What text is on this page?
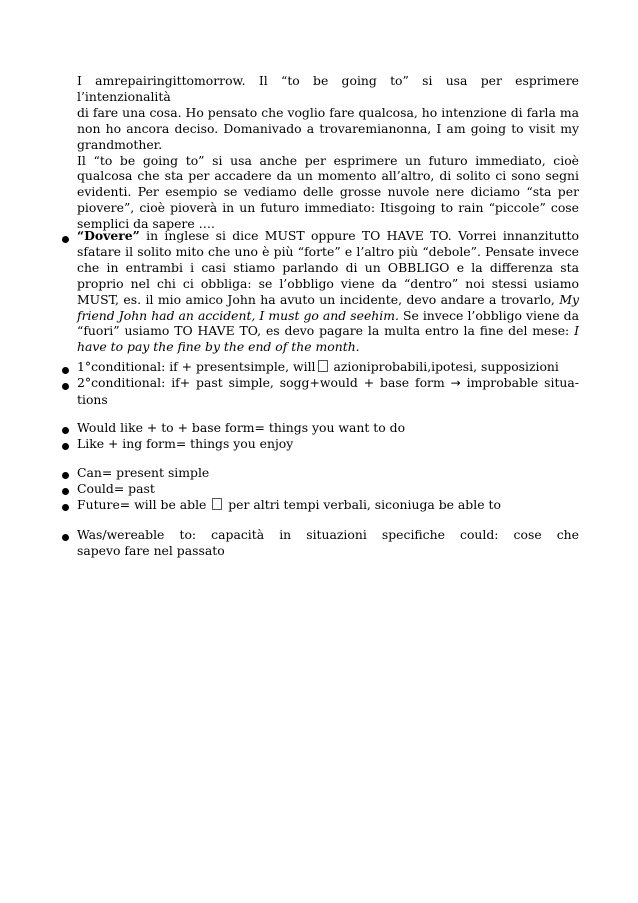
I amrepairingittomorrow. Il “to be going to” si usa per esprimere l’intenzionalità
di fare una cosa. Ho pensato che voglio fare qualcosa, ho intenzione di farla ma
non ho ancora deciso. Domanivado a trovaremianonna, I am going to visit my
grandmother.
Il “to be going to” si usa anche per esprimere un futuro immediato, cioè
qualcosa che sta per accadere da un momento all’altro, di solito ci sono segni
evidenti. Per esempio se vediamo delle grosse nuvole nere diciamo “sta per
piovere”, cioè pioverà in un futuro immediato: Itisgoing to rain “piccole” cose
semplici da sapere ….
“Dovere” in inglese si dice MUST oppure TO HAVE TO. Vorrei innanzitutto
sfatare il solito mito che uno è più “forte” e l’altro più “debole”. Pensate invece
che in entrambi i casi stiamo parlando di un OBBLIGO e la differenza sta
proprio nel chi ci obbliga: se l’obbligo viene da “dentro” noi stessi usiamo
MUST, es. il mio amico John ha avuto un incidente, devo andare a trovarlo, My
friend John had an accident, I must go and seehim. Se invece l’obbligo viene da
“fuori” usiamo TO HAVE TO, es devo pagare la multa entro la fine del mese: I
have to pay the fine by the end of the month.
1°conditional: if + presentsimple, will azioniprobabili,ipotesi, supposizioni
2°conditional: if+ past simple, sogg+would + base form → improbable situa-
tions
Would like + to + base form= things you want to do
Like + ing form= things you enjoy
Can= present simple
Could= past
Future= will be able  per altri tempi verbali, siconiuga be able to
Was/wereable to: capacità in situazioni specifiche could: cose che
sapevo fare nel passato
